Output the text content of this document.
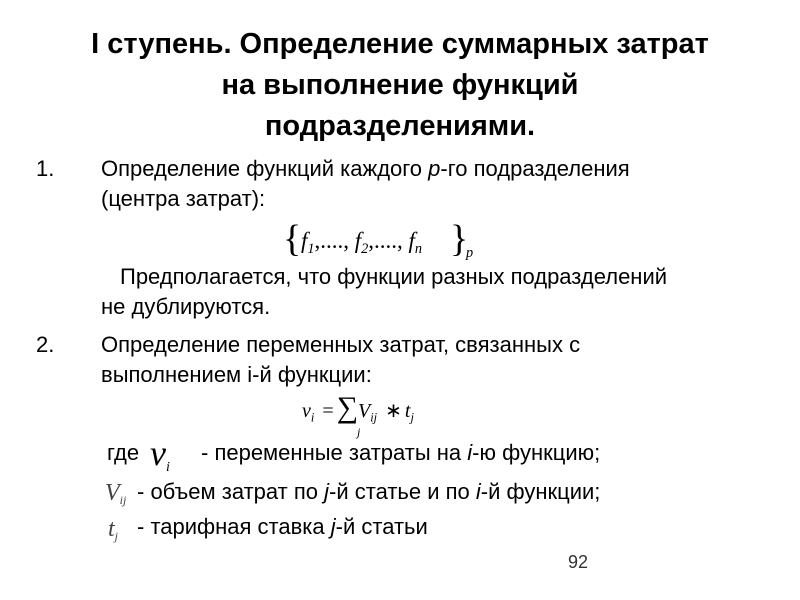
I ступень. Определение суммарных затрат
на выполнение функций
подразделениями.
1. Определение функций каждого р-го подразделения
(центра затрат):
{ $f_1$,...., $f_2$,...., $f_n$ }
p
Предполагается, что функции разных подразделений
не дублируются.
2. Определение переменных затрат, связанных с
выполнением i-й функции:
$v_i = \sum V_{ij}$ ∗ $t_j$
j
где $v_i$
- переменные затраты на i-ю функцию;
$V_{ij}$ - объем затрат по j-й статье и по i-й функции;
$t_j$ - тарифная ставка j-й статьи
92
